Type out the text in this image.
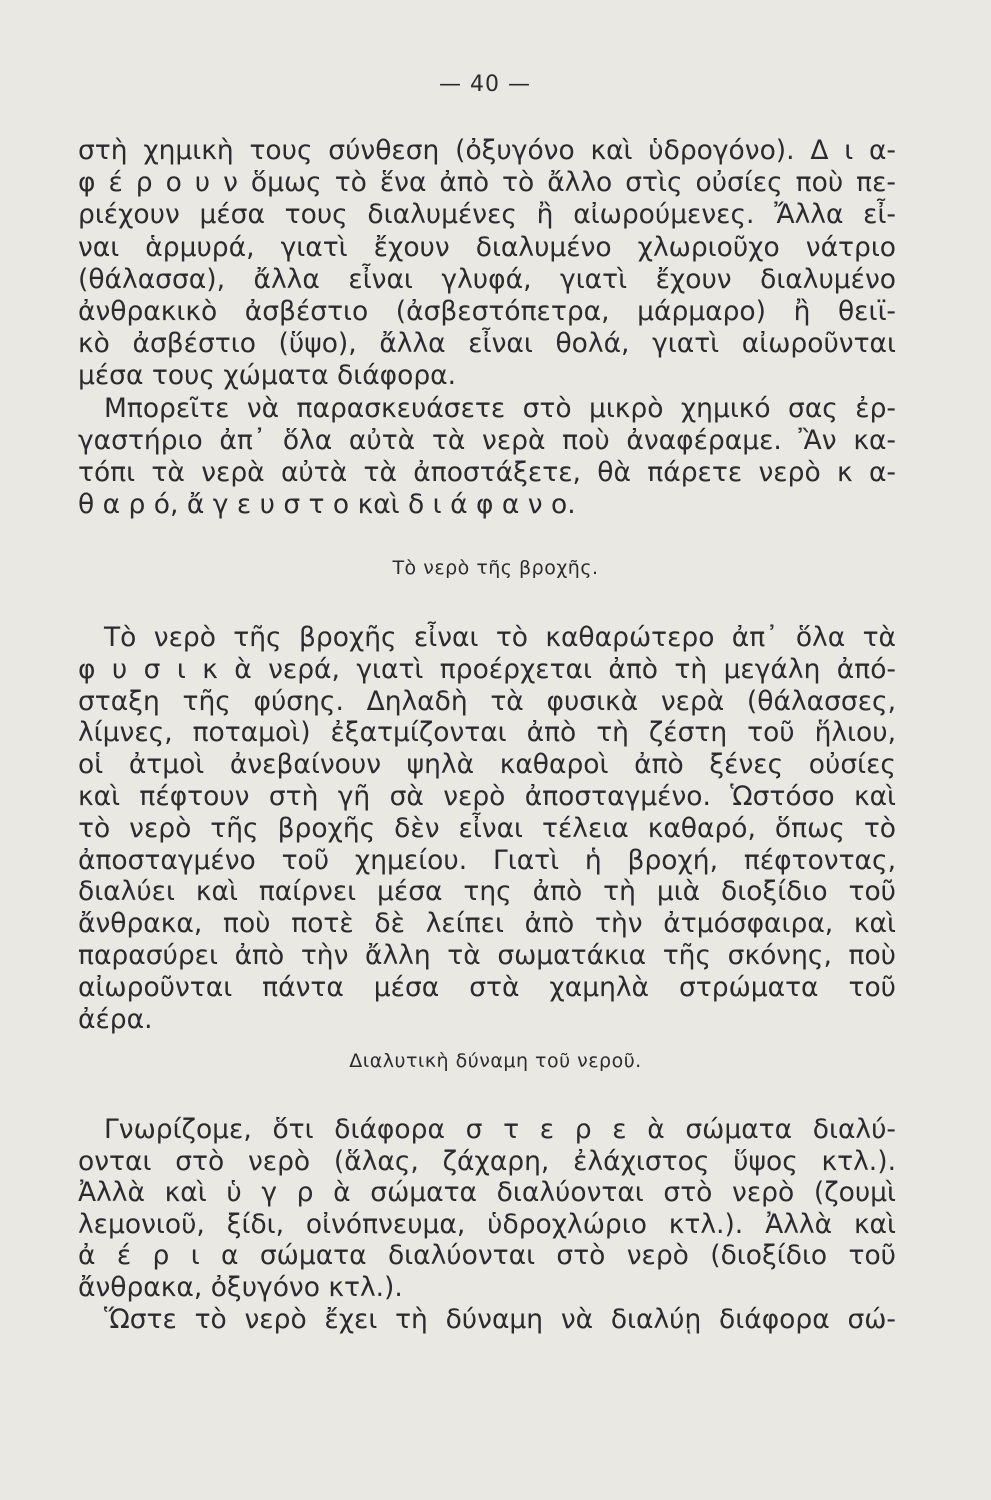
— 40 —
στὴ χημικὴ τους σύνθεση (ὀξυγόνο καὶ ὑδρογόνο). Δ ι α-
φ έ ρ ο υ ν ὅμως τὸ ἕνα ἀπὸ τὸ ἄλλο στὶς οὐσίες ποὺ πε-
ριέχουν μέσα τους διαλυμένες ἢ αἰωρούμενες. Ἄλλα εἶ-
ναι ἁρμυρά, γιατὶ ἔχουν διαλυμένο χλωριοῦχο νάτριο
(θάλασσα), ἄλλα εἶναι γλυφά, γιατὶ ἔχουν διαλυμένο
ἀνθρακικὸ ἀσβέστιο (ἀσβεστόπετρα, μάρμαρο) ἢ θειϊ-
κὸ ἀσβέστιο (ὕψο), ἄλλα εἶναι θολά, γιατὶ αἰωροῦνται
μέσα τους χώματα διάφορα.
Μπορεῖτε νὰ παρασκευάσετε στὸ μικρὸ χημικό σας ἐρ-
γαστήριο ἀπ᾿ ὅλα αὐτὰ τὰ νερὰ ποὺ ἀναφέραμε. Ἂν κα-
τόπι τὰ νερὰ αὐτὰ τὰ ἀποστάξετε, θὰ πάρετε νερὸ κ α-
θ α ρ ό, ἄ γ ε υ σ τ ο καὶ δ ι ά φ α ν ο.
Τὸ νερὸ τῆς βροχῆς.
Τὸ νερὸ τῆς βροχῆς εἶναι τὸ καθαρώτερο ἀπ᾿ ὅλα τὰ
φ υ σ ι κ ὰ νερά, γιατὶ προέρχεται ἀπὸ τὴ μεγάλη ἀπό-
σταξη τῆς φύσης. Δηλαδὴ τὰ φυσικὰ νερὰ (θάλασσες,
λίμνες, ποταμοὶ) ἐξατμίζονται ἀπὸ τὴ ζέστη τοῦ ἥλιου,
οἱ ἀτμοὶ ἀνεβαίνουν ψηλὰ καθαροὶ ἀπὸ ξένες οὐσίες
καὶ πέφτουν στὴ γῆ σὰ νερὸ ἀποσταγμένο. Ὡστόσο καὶ
τὸ νερὸ τῆς βροχῆς δὲν εἶναι τέλεια καθαρό, ὅπως τὸ
ἀποσταγμένο τοῦ χημείου. Γιατὶ ἡ βροχή, πέφτοντας,
διαλύει καὶ παίρνει μέσα της ἀπὸ τὴ μιὰ διοξίδιο τοῦ
ἄνθρακα, ποὺ ποτὲ δὲ λείπει ἀπὸ τὴν ἀτμόσφαιρα, καὶ
παρασύρει ἀπὸ τὴν ἄλλη τὰ σωματάκια τῆς σκόνης, ποὺ
αἰωροῦνται πάντα μέσα στὰ χαμηλὰ στρώματα τοῦ
ἀέρα.
Διαλυτικὴ δύναμη τοῦ νεροῦ.
Γνωρίζομε, ὅτι διάφορα σ τ ε ρ ε ὰ σώματα διαλύ-
ονται στὸ νερὸ (ἅλας, ζάχαρη, ἐλάχιστος ὕψος κτλ.).
Ἀλλὰ καὶ ὑ γ ρ ὰ σώματα διαλύονται στὸ νερὸ (ζουμὶ
λεμονιοῦ, ξίδι, οἰνόπνευμα, ὑδροχλώριο κτλ.). Ἀλλὰ καὶ
ἀ έ ρ ι α σώματα διαλύονται στὸ νερὸ (διοξίδιο τοῦ
ἄνθρακα, ὀξυγόνο κτλ.).
Ὥστε τὸ νερὸ ἔχει τὴ δύναμη νὰ διαλύῃ διάφορα σώ-
